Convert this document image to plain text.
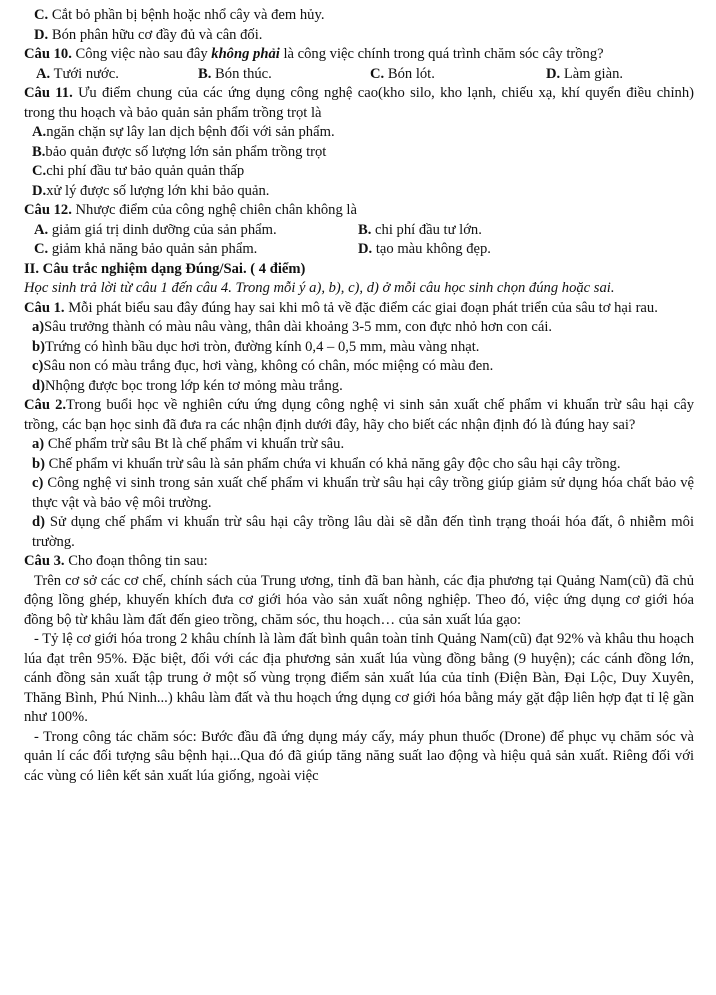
C. Cắt bỏ phần bị bệnh hoặc nhổ cây và đem hủy.

D. Bón phân hữu cơ đầy đủ và cân đối.

Câu 10. Công việc nào sau đây không phải là công việc chính trong quá trình chăm sóc cây trồng?

A. Tưới nước.	B. Bón thúc.	C. Bón lót.	D. Làm giàn.

Câu 11. Ưu điểm chung của các ứng dụng công nghệ cao(kho silo, kho lạnh, chiếu xạ, khí quyển điều chỉnh) trong thu hoạch và bảo quản sản phẩm trồng trọt là

A.ngăn chặn sự lây lan dịch bệnh đối với sản phẩm.

B.bảo quản được số lượng lớn sản phẩm trồng trọt

C.chi phí đầu tư bảo quản quản thấp

D.xử lý được số lượng lớn khi bảo quản.

Câu 12. Nhược điểm của công nghệ chiên chân không là

A. giảm giá trị dinh dưỡng của sản phẩm.	B. chi phí đầu tư lớn.
C. giảm khả năng bảo quản sản phẩm.	D. tạo màu không đẹp.

II. Câu trắc nghiệm dạng Đúng/Sai. ( 4 điểm)

Học sinh trả lời từ câu 1 đến câu 4. Trong mỗi ý a), b), c), d) ở mỗi câu học sinh chọn đúng hoặc sai.

Câu 1. Mỗi phát biểu sau đây đúng hay sai khi mô tả về đặc điểm các giai đoạn phát triển của sâu tơ hại rau.

a)Sâu trưởng thành có màu nâu vàng, thân dài khoảng 3-5 mm, con đực nhỏ hơn con cái.

b)Trứng có hình bầu dục hơi tròn, đường kính 0,4 – 0,5 mm, màu vàng nhạt.

c)Sâu non có màu trắng đục, hơi vàng, không có chân, móc miệng có màu đen.

d)Nhộng được bọc trong lớp kén tơ mỏng màu trắng.

Câu 2.Trong buổi học về nghiên cứu ứng dụng công nghệ vi sinh sản xuất chế phẩm vi khuẩn trừ sâu hại cây trồng, các bạn học sinh đã đưa ra các nhận định dưới đây, hãy cho biết các nhận định đó là đúng hay sai?

a) Chế phẩm trừ sâu Bt là chế phẩm vi khuẩn trừ sâu.

b) Chế phẩm vi khuẩn trừ sâu là sản phẩm chứa vi khuẩn có khả năng gây độc cho sâu hại cây trồng.

c) Công nghệ vi sinh trong sản xuất chế phẩm vi khuẩn trừ sâu hại cây trồng giúp giảm sử dụng hóa chất bảo vệ thực vật và bảo vệ môi trường.

d) Sử dụng chế phẩm vi khuẩn trừ sâu hại cây trồng lâu dài sẽ dẫn đến tình trạng thoái hóa đất, ô nhiễm môi trường.

Câu 3. Cho đoạn thông tin sau:

Trên cơ sở các cơ chế, chính sách của Trung ương, tỉnh đã ban hành, các địa phương tại Quảng Nam(cũ) đã chủ động lồng ghép, khuyến khích đưa cơ giới hóa vào sản xuất nông nghiệp. Theo đó, việc ứng dụng cơ giới hóa đồng bộ từ khâu làm đất đến gieo trồng, chăm sóc, thu hoạch… của sản xuất lúa gạo:

- Tỷ lệ cơ giới hóa trong 2 khâu chính là làm đất bình quân toàn tỉnh Quảng Nam(cũ) đạt 92% và khâu thu hoạch lúa đạt trên 95%. Đặc biệt, đối với các địa phương sản xuất lúa vùng đồng bằng (9 huyện); các cánh đồng lớn, cánh đồng sản xuất tập trung ở một số vùng trọng điểm sản xuất lúa của tỉnh (Điện Bàn, Đại Lộc, Duy Xuyên, Thăng Bình, Phú Ninh...) khâu làm đất và thu hoạch ứng dụng cơ giới hóa bằng máy gặt đập liên hợp đạt tỉ lệ gần như 100%.

- Trong công tác chăm sóc: Bước đầu đã ứng dụng máy cấy, máy phun thuốc (Drone) để phục vụ chăm sóc và quản lí các đối tượng sâu bệnh hại...Qua đó đã giúp tăng năng suất lao động và hiệu quả sản xuất. Riêng đối với các vùng có liên kết sản xuất lúa giống, ngoài việc
